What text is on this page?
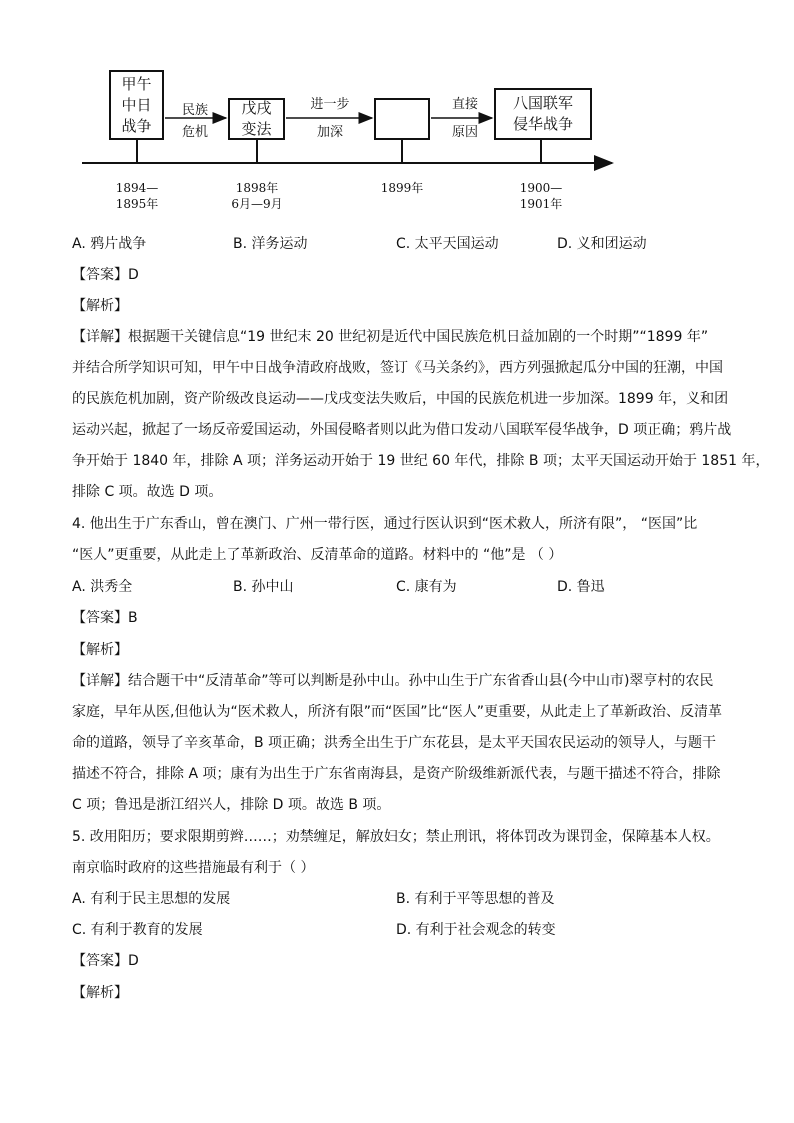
甲午
中日
战争
戊戌
变法
八国联军
侵华战争
民族
危机
进一步
加深
直接
原因
1894—
1895年
1898年
6月—9月
1899年	1900—
1901年
A. 鸦片战争	B. 洋务运动	C. 太平天国运动	D. 义和团运动
【答案】D
【解析】
【详解】根据题干关键信息“19 世纪末 20 世纪初是近代中国民族危机日益加剧的一个时期”“1899 年”
并结合所学知识可知，甲午中日战争清政府战败，签订《马关条约》，西方列强掀起瓜分中国的狂潮，中国
的民族危机加剧，资产阶级改良运动——戊戌变法失败后，中国的民族危机进一步加深。1899 年，义和团
运动兴起，掀起了一场反帝爱国运动，外国侵略者则以此为借口发动八国联军侵华战争，D 项正确；鸦片战
争开始于 1840 年，排除 A 项；洋务运动开始于 19 世纪 60 年代，排除 B 项；太平天国运动开始于 1851 年，
排除 C 项。故选 D 项。
4. 他出生于广东香山，曾在澳门、广州一带行医，通过行医认识到“医术救人，所济有限”， “医国”比
“医人”更重要，从此走上了革新政治、反清革命的道路。材料中的 “他”是 （ ）
A. 洪秀全	B. 孙中山	C. 康有为	D. 鲁迅
【答案】B
【解析】
【详解】结合题干中“反清革命”等可以判断是孙中山。孙中山生于广东省香山县(今中山市)翠亨村的农民
家庭，早年从医,但他认为“医术救人，所济有限”而“医国”比“医人”更重要，从此走上了革新政治、反清革
命的道路，领导了辛亥革命，B 项正确；洪秀全出生于广东花县，是太平天国农民运动的领导人，与题干
描述不符合，排除 A 项；康有为出生于广东省南海县，是资产阶级维新派代表，与题干描述不符合，排除
C 项；鲁迅是浙江绍兴人，排除 D 项。故选 B 项。
5. 改用阳历；要求限期剪辫……；劝禁缠足，解放妇女；禁止刑讯，将体罚改为课罚金，保障基本人权。
南京临时政府的这些措施最有利于（ ）
A. 有利于民主思想的发展	B. 有利于平等思想的普及
C. 有利于教育的发展	D. 有利于社会观念的转变
【答案】D
【解析】
